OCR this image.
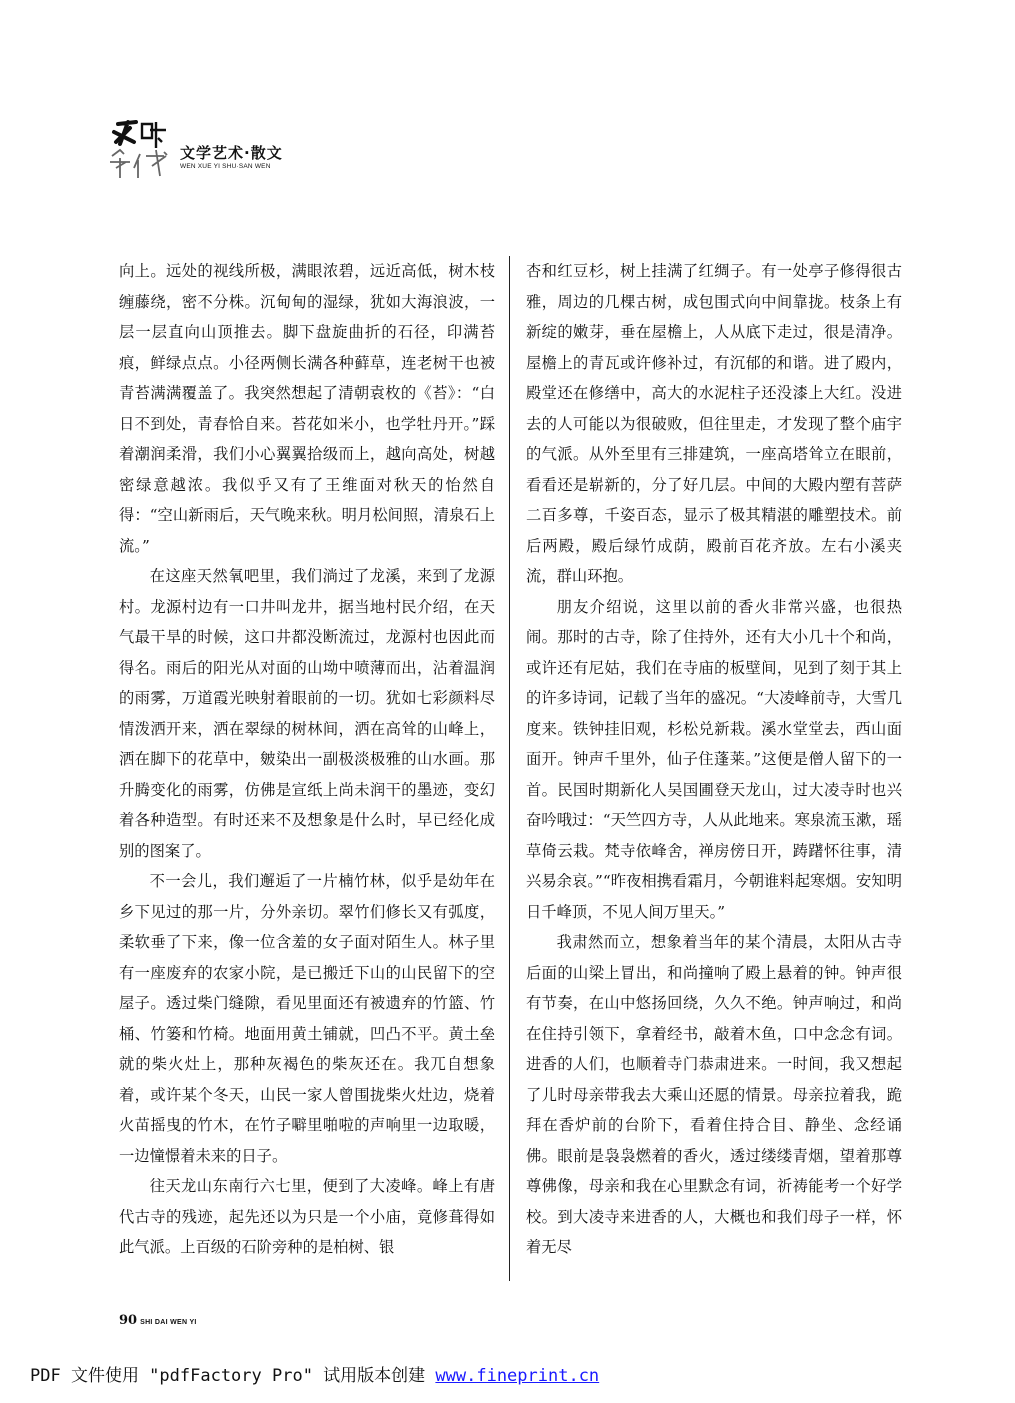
文学艺术·散文
WEN XUE YI SHU·SAN WEN

向上。远处的视线所极，满眼浓碧，远近高低，树木枝缠藤绕，密不分株。沉甸甸的湿绿，犹如大海浪波，一层一层直向山顶推去。脚下盘旋曲折的石径，印满苔痕，鲜绿点点。小径两侧长满各种藓草，连老树干也被青苔满满覆盖了。我突然想起了清朝袁枚的《苔》：“白日不到处，青春恰自来。苔花如米小，也学牡丹开。”踩着潮润柔滑，我们小心翼翼拾级而上，越向高处，树越密绿意越浓。我似乎又有了王维面对秋天的怡然自得：“空山新雨后，天气晚来秋。明月松间照，清泉石上流。”

在这座天然氧吧里，我们淌过了龙溪，来到了龙源村。龙源村边有一口井叫龙井，据当地村民介绍，在天气最干旱的时候，这口井都没断流过，龙源村也因此而得名。雨后的阳光从对面的山坳中喷薄而出，沾着温润的雨雾，万道霞光映射着眼前的一切。犹如七彩颜料尽情泼洒开来，洒在翠绿的树林间，洒在高耸的山峰上，洒在脚下的花草中，皴染出一副极淡极雅的山水画。那升腾变化的雨雾，仿佛是宣纸上尚未润干的墨迹，变幻着各种造型。有时还来不及想象是什么时，早已经化成别的图案了。

不一会儿，我们邂逅了一片楠竹林，似乎是幼年在乡下见过的那一片，分外亲切。翠竹们修长又有弧度，柔软垂了下来，像一位含羞的女子面对陌生人。林子里有一座废弃的农家小院，是已搬迁下山的山民留下的空屋子。透过柴门缝隙，看见里面还有被遗弃的竹篮、竹桶、竹篓和竹椅。地面用黄土铺就，凹凸不平。黄土垒就的柴火灶上，那种灰褐色的柴灰还在。我兀自想象着，或许某个冬天，山民一家人曾围拢柴火灶边，烧着火苗摇曳的竹木，在竹子噼里啪啦的声响里一边取暖，一边憧憬着未来的日子。

往天龙山东南行六七里，便到了大凌峰。峰上有唐代古寺的残迹，起先还以为只是一个小庙，竟修葺得如此气派。上百级的石阶旁种的是柏树、银

杏和红豆杉，树上挂满了红绸子。有一处亭子修得很古雅，周边的几棵古树，成包围式向中间靠拢。枝条上有新绽的嫩芽，垂在屋檐上，人从底下走过，很是清净。屋檐上的青瓦或许修补过，有沉郁的和谐。进了殿内，殿堂还在修缮中，高大的水泥柱子还没漆上大红。没进去的人可能以为很破败，但往里走，才发现了整个庙宇的气派。从外至里有三排建筑，一座高塔耸立在眼前，看看还是崭新的，分了好几层。中间的大殿内塑有菩萨二百多尊，千姿百态，显示了极其精湛的雕塑技术。前后两殿，殿后绿竹成荫，殿前百花齐放。左右小溪夹流，群山环抱。

朋友介绍说，这里以前的香火非常兴盛，也很热闹。那时的古寺，除了住持外，还有大小几十个和尚，或许还有尼姑，我们在寺庙的板壁间，见到了刻于其上的许多诗词，记载了当年的盛况。“大凌峰前寺，大雪几度来。铁钟挂旧观，杉松兑新栽。溪水堂堂去，西山面面开。钟声千里外，仙子住蓬莱。”这便是僧人留下的一首。民国时期新化人吴国圃登天龙山，过大凌寺时也兴奋吟哦过：“天竺四方寺，人从此地来。寒泉流玉漱，瑶草倚云栽。梵寺依峰舍，禅房傍日开，踌躇怀往事，清兴易余哀。”“昨夜相携看霜月，今朝谁料起寒烟。安知明日千峰顶，不见人间万里天。”

我肃然而立，想象着当年的某个清晨，太阳从古寺后面的山梁上冒出，和尚撞响了殿上悬着的钟。钟声很有节奏，在山中悠扬回绕，久久不绝。钟声响过，和尚在住持引领下，拿着经书，敲着木鱼，口中念念有词。进香的人们，也顺着寺门恭肃进来。一时间，我又想起了儿时母亲带我去大乘山还愿的情景。母亲拉着我，跪拜在香炉前的台阶下，看着住持合目、静坐、念经诵佛。眼前是袅袅燃着的香火，透过缕缕青烟，望着那尊尊佛像，母亲和我在心里默念有词，祈祷能考一个好学校。到大凌寺来进香的人，大概也和我们母子一样，怀着无尽

90 SHI DAI WEN YI
PDF 文件使用 "pdfFactory Pro" 试用版本创建 www.fineprint.cn
